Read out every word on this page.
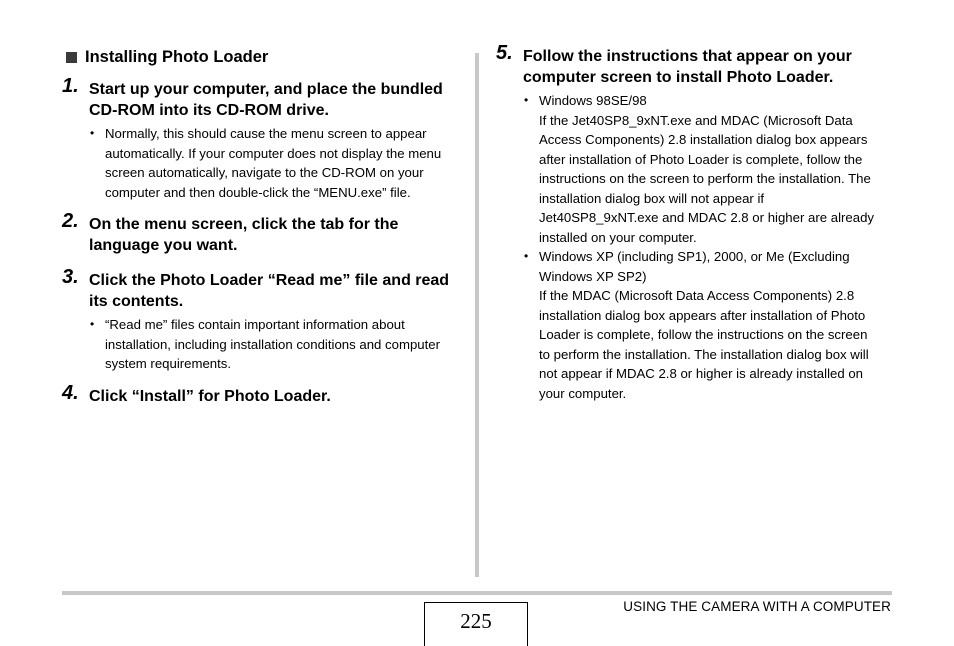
Installing Photo Loader
1. Start up your computer, and place the bundled CD-ROM into its CD-ROM drive.
• Normally, this should cause the menu screen to appear
automatically. If your computer does not display the menu
screen automatically, navigate to the CD-ROM on your
computer and then double-click the “MENU.exe” file.
2. On the menu screen, click the tab for the language you want.
3. Click the Photo Loader “Read me” file and read its contents.
• “Read me” files contain important information about
installation, including installation conditions and computer
system requirements.
4. Click “Install” for Photo Loader.
5. Follow the instructions that appear on your computer screen to install Photo Loader.
• Windows 98SE/98
If the Jet40SP8_9xNT.exe and MDAC (Microsoft Data
Access Components) 2.8 installation dialog box appears
after installation of Photo Loader is complete, follow the
instructions on the screen to perform the installation. The
installation dialog box will not appear if
Jet40SP8_9xNT.exe and MDAC 2.8 or higher are already
installed on your computer.
• Windows XP (including SP1), 2000, or Me (Excluding
Windows XP SP2)
If the MDAC (Microsoft Data Access Components) 2.8
installation dialog box appears after installation of Photo
Loader is complete, follow the instructions on the screen
to perform the installation. The installation dialog box will
not appear if MDAC 2.8 or higher is already installed on
your computer.
225
USING THE CAMERA WITH A COMPUTER
